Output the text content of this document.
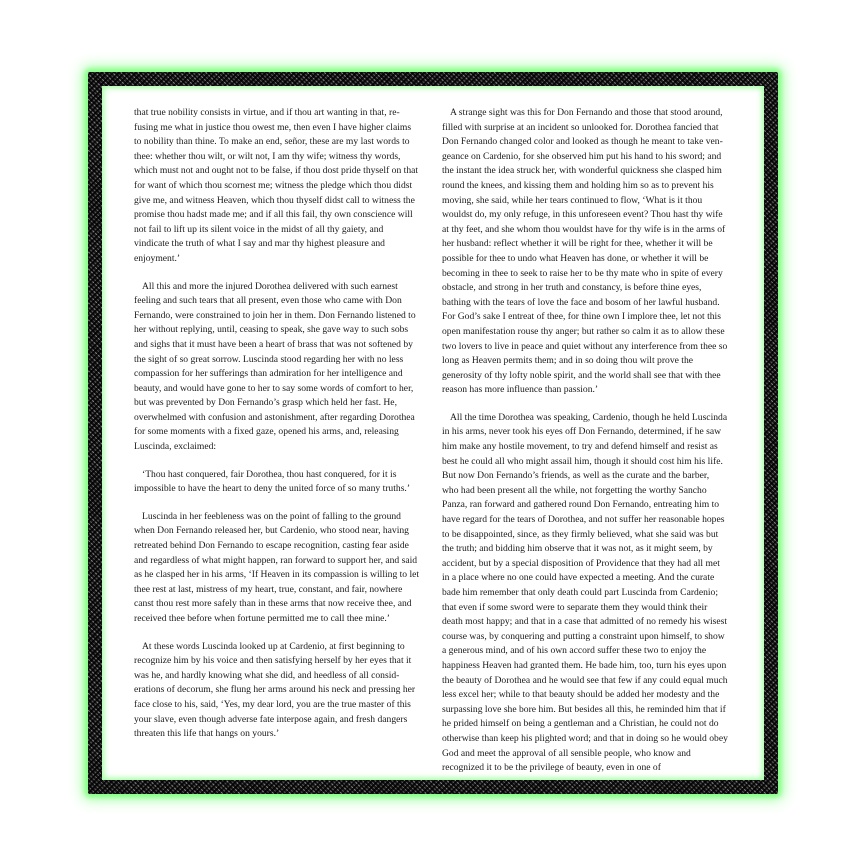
that true nobility consists in virtue, and if thou art wanting in that, refusing me what in justice thou owest me, then even I have higher claims to nobility than thine. To make an end, señor, these are my last words to thee: whether thou wilt, or wilt not, I am thy wife; witness thy words, which must not and ought not to be false, if thou dost pride thyself on that for want of which thou scornest me; witness the pledge which thou didst give me, and witness Heaven, which thou thyself didst call to witness the promise thou hadst made me; and if all this fail, thy own conscience will not fail to lift up its silent voice in the midst of all thy gaiety, and vindicate the truth of what I say and mar thy highest pleasure and enjoyment.’

All this and more the injured Dorothea delivered with such earnest feeling and such tears that all present, even those who came with Don Fernando, were constrained to join her in them. Don Fernando listened to her without replying, until, ceasing to speak, she gave way to such sobs and sighs that it must have been a heart of brass that was not softened by the sight of so great sorrow. Luscinda stood regarding her with no less compassion for her sufferings than admiration for her intelligence and beauty, and would have gone to her to say some words of comfort to her, but was prevented by Don Fernando’s grasp which held her fast. He, overwhelmed with confusion and astonishment, after regarding Dorothea for some moments with a fixed gaze, opened his arms, and, releasing Luscinda, exclaimed:

‘Thou hast conquered, fair Dorothea, thou hast conquered, for it is impossible to have the heart to deny the united force of so many truths.’

Luscinda in her feebleness was on the point of falling to the ground when Don Fernando released her, but Cardenio, who stood near, having retreated behind Don Fernando to escape recognition, casting fear aside and regardless of what might happen, ran forward to support her, and said as he clasped her in his arms, ‘If Heaven in its compassion is willing to let thee rest at last, mistress of my heart, true, constant, and fair, nowhere canst thou rest more safely than in these arms that now receive thee, and received thee before when fortune permitted me to call thee mine.’

At these words Luscinda looked up at Cardenio, at first beginning to recognize him by his voice and then satisfying herself by her eyes that it was he, and hardly knowing what she did, and heedless of all considerations of decorum, she flung her arms around his neck and pressing her face close to his, said, ‘Yes, my dear lord, you are the true master of this your slave, even though adverse fate interpose again, and fresh dangers threaten this life that hangs on yours.’

A strange sight was this for Don Fernando and those that stood around, filled with surprise at an incident so unlooked for. Dorothea fancied that Don Fernando changed color and looked as though he meant to take vengeance on Cardenio, for she observed him put his hand to his sword; and the instant the idea struck her, with wonderful quickness she clasped him round the knees, and kissing them and holding him so as to prevent his moving, she said, while her tears continued to flow, ‘What is it thou wouldst do, my only refuge, in this unforeseen event? Thou hast thy wife at thy feet, and she whom thou wouldst have for thy wife is in the arms of her husband: reflect whether it will be right for thee, whether it will be possible for thee to undo what Heaven has done, or whether it will be becoming in thee to seek to raise her to be thy mate who in spite of every obstacle, and strong in her truth and constancy, is before thine eyes, bathing with the tears of love the face and bosom of her lawful husband. For God’s sake I entreat of thee, for thine own I implore thee, let not this open manifestation rouse thy anger; but rather so calm it as to allow these two lovers to live in peace and quiet without any interference from thee so long as Heaven permits them; and in so doing thou wilt prove the generosity of thy lofty noble spirit, and the world shall see that with thee reason has more influence than passion.’

All the time Dorothea was speaking, Cardenio, though he held Luscinda in his arms, never took his eyes off Don Fernando, determined, if he saw him make any hostile movement, to try and defend himself and resist as best he could all who might assail him, though it should cost him his life. But now Don Fernando’s friends, as well as the curate and the barber, who had been present all the while, not forgetting the worthy Sancho Panza, ran forward and gathered round Don Fernando, entreating him to have regard for the tears of Dorothea, and not suffer her reasonable hopes to be disappointed, since, as they firmly believed, what she said was but the truth; and bidding him observe that it was not, as it might seem, by accident, but by a special disposition of Providence that they had all met in a place where no one could have expected a meeting. And the curate bade him remember that only death could part Luscinda from Cardenio; that even if some sword were to separate them they would think their death most happy; and that in a case that admitted of no remedy his wisest course was, by conquering and putting a constraint upon himself, to show a generous mind, and of his own accord suffer these two to enjoy the happiness Heaven had granted them. He bade him, too, turn his eyes upon the beauty of Dorothea and he would see that few if any could equal much less excel her; while to that beauty should be added her modesty and the surpassing love she bore him. But besides all this, he reminded him that if he prided himself on being a gentleman and a Christian, he could not do otherwise than keep his plighted word; and that in doing so he would obey God and meet the approval of all sensible people, who know and recognized it to be the privilege of beauty, even in one of
